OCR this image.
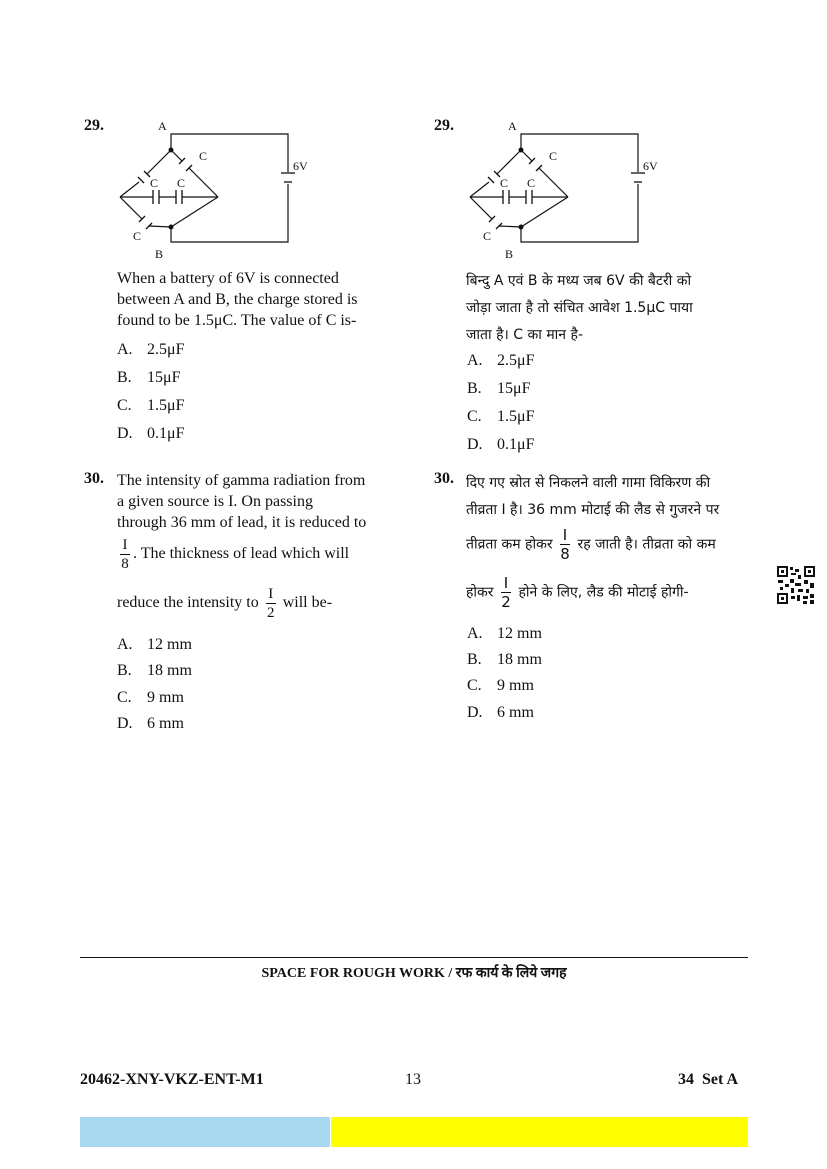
29.	A
B
6V
C
C
C C
When a battery of 6V is connected
between A and B, the charge stored is
found to be 1.5μC. The value of C is-
A. 2.5μF
B. 15μF
C. 1.5μF
D. 0.1μF
30. The intensity of gamma radiation from
a given source is I. On passing
through 36 mm of lead, it is reduced to
$\frac{I}{8}$ . The thickness of lead which will
reduce the intensity to $\frac{I}{2}$ will be-
A. 12 mm
B. 18 mm
C. 9 mm
D. 6 mm
29.	A
B
6V
C
C
C C
बिन्दु A एवं B के मध्य जब 6V की बैटरी को
जोड़ा जाता है तो संचित आवेश 1.5μC पाया
जाता है। C का मान है-
A. 2.5μF
B. 15μF
C. 1.5μF
D. 0.1μF
30. दिए गए स्रोत से निकलने वाली गामा विकिरण की
तीव्रता I है। 36 mm मोटाई की लैड से गुजरने पर
तीव्रता कम होकर $\frac{I}{8}$ रह जाती है। तीव्रता को कम
होकर $\frac{I}{2}$ होने के लिए, लैड की मोटाई होगी-
A. 12 mm
B. 18 mm
C. 9 mm
D. 6 mm
SPACE FOR ROUGH WORK / रफ कार्य के लिये जगह
20462-XNY-VKZ-ENT-M1	13	34 Set A
